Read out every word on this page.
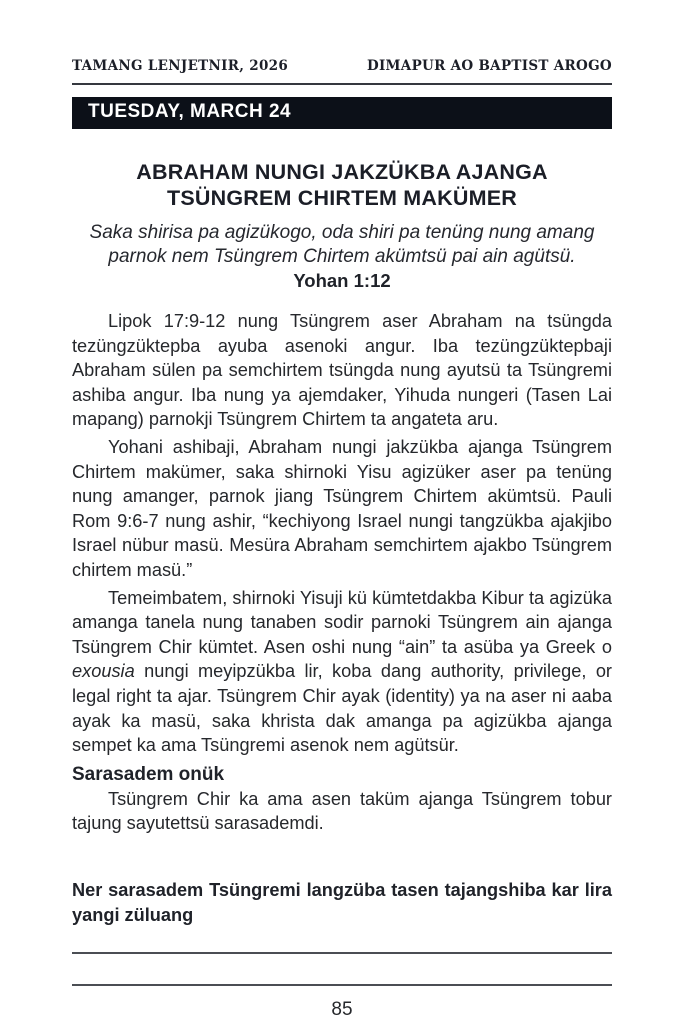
TAMANG LENJETNIR, 2026	DIMAPUR AO BAPTIST AROGO
TUESDAY, MARCH 24
ABRAHAM NUNGI JAKZÜKBA AJANGA
TSÜNGREM CHIRTEM MAKÜMER

Saka shirisa pa agizükogo, oda shiri pa tenüng nung amang parnok nem Tsüngrem Chirtem akümtsü pai ain agütsü.

Yohan 1:12

Lipok 17:9-12 nung Tsüngrem aser Abraham na tsüngda tezüngzüktepba ayuba asenoki angur. Iba tezüngzüktepbaji Abraham sülen pa semchirtem tsüngda nung ayutsü ta Tsüngremi ashiba angur. Iba nung ya ajemdaker, Yihuda nungeri (Tasen Lai mapang) parnokji Tsüngrem Chirtem ta angateta aru.

Yohani ashibaji, Abraham nungi jakzükba ajanga Tsüngrem Chirtem makümer, saka shirnoki Yisu agizüker aser pa tenüng nung amanger, parnok jiang Tsüngrem Chirtem akümtsü. Pauli Rom 9:6-7 nung ashir, “kechiyong Israel nungi tangzükba ajakjibo Israel nübur masü. Mesüra Abraham semchirtem ajakbo Tsüngrem chirtem masü.”

Temeimbatem, shirnoki Yisuji kü kümtetdakba Kibur ta agizüka amanga tanela nung tanaben sodir parnoki Tsüngrem ain ajanga Tsüngrem Chir kümtet. Asen oshi nung “ain” ta asüba ya Greek o exousia nungi meyipzükba lir, koba dang authority, privilege, or legal right ta ajar. Tsüngrem Chir ayak (identity) ya na aser ni aaba ayak ka masü, saka khrista dak amanga pa agizükba ajanga sempet ka ama Tsüngremi asenok nem agütsür.

Sarasadem onük

Tsüngrem Chir ka ama asen taküm ajanga Tsüngrem tobur tajung sayutettsü sarasademdi.

Ner sarasadem Tsüngremi langzüba tasen tajangshiba kar lira yangi züluang

85
